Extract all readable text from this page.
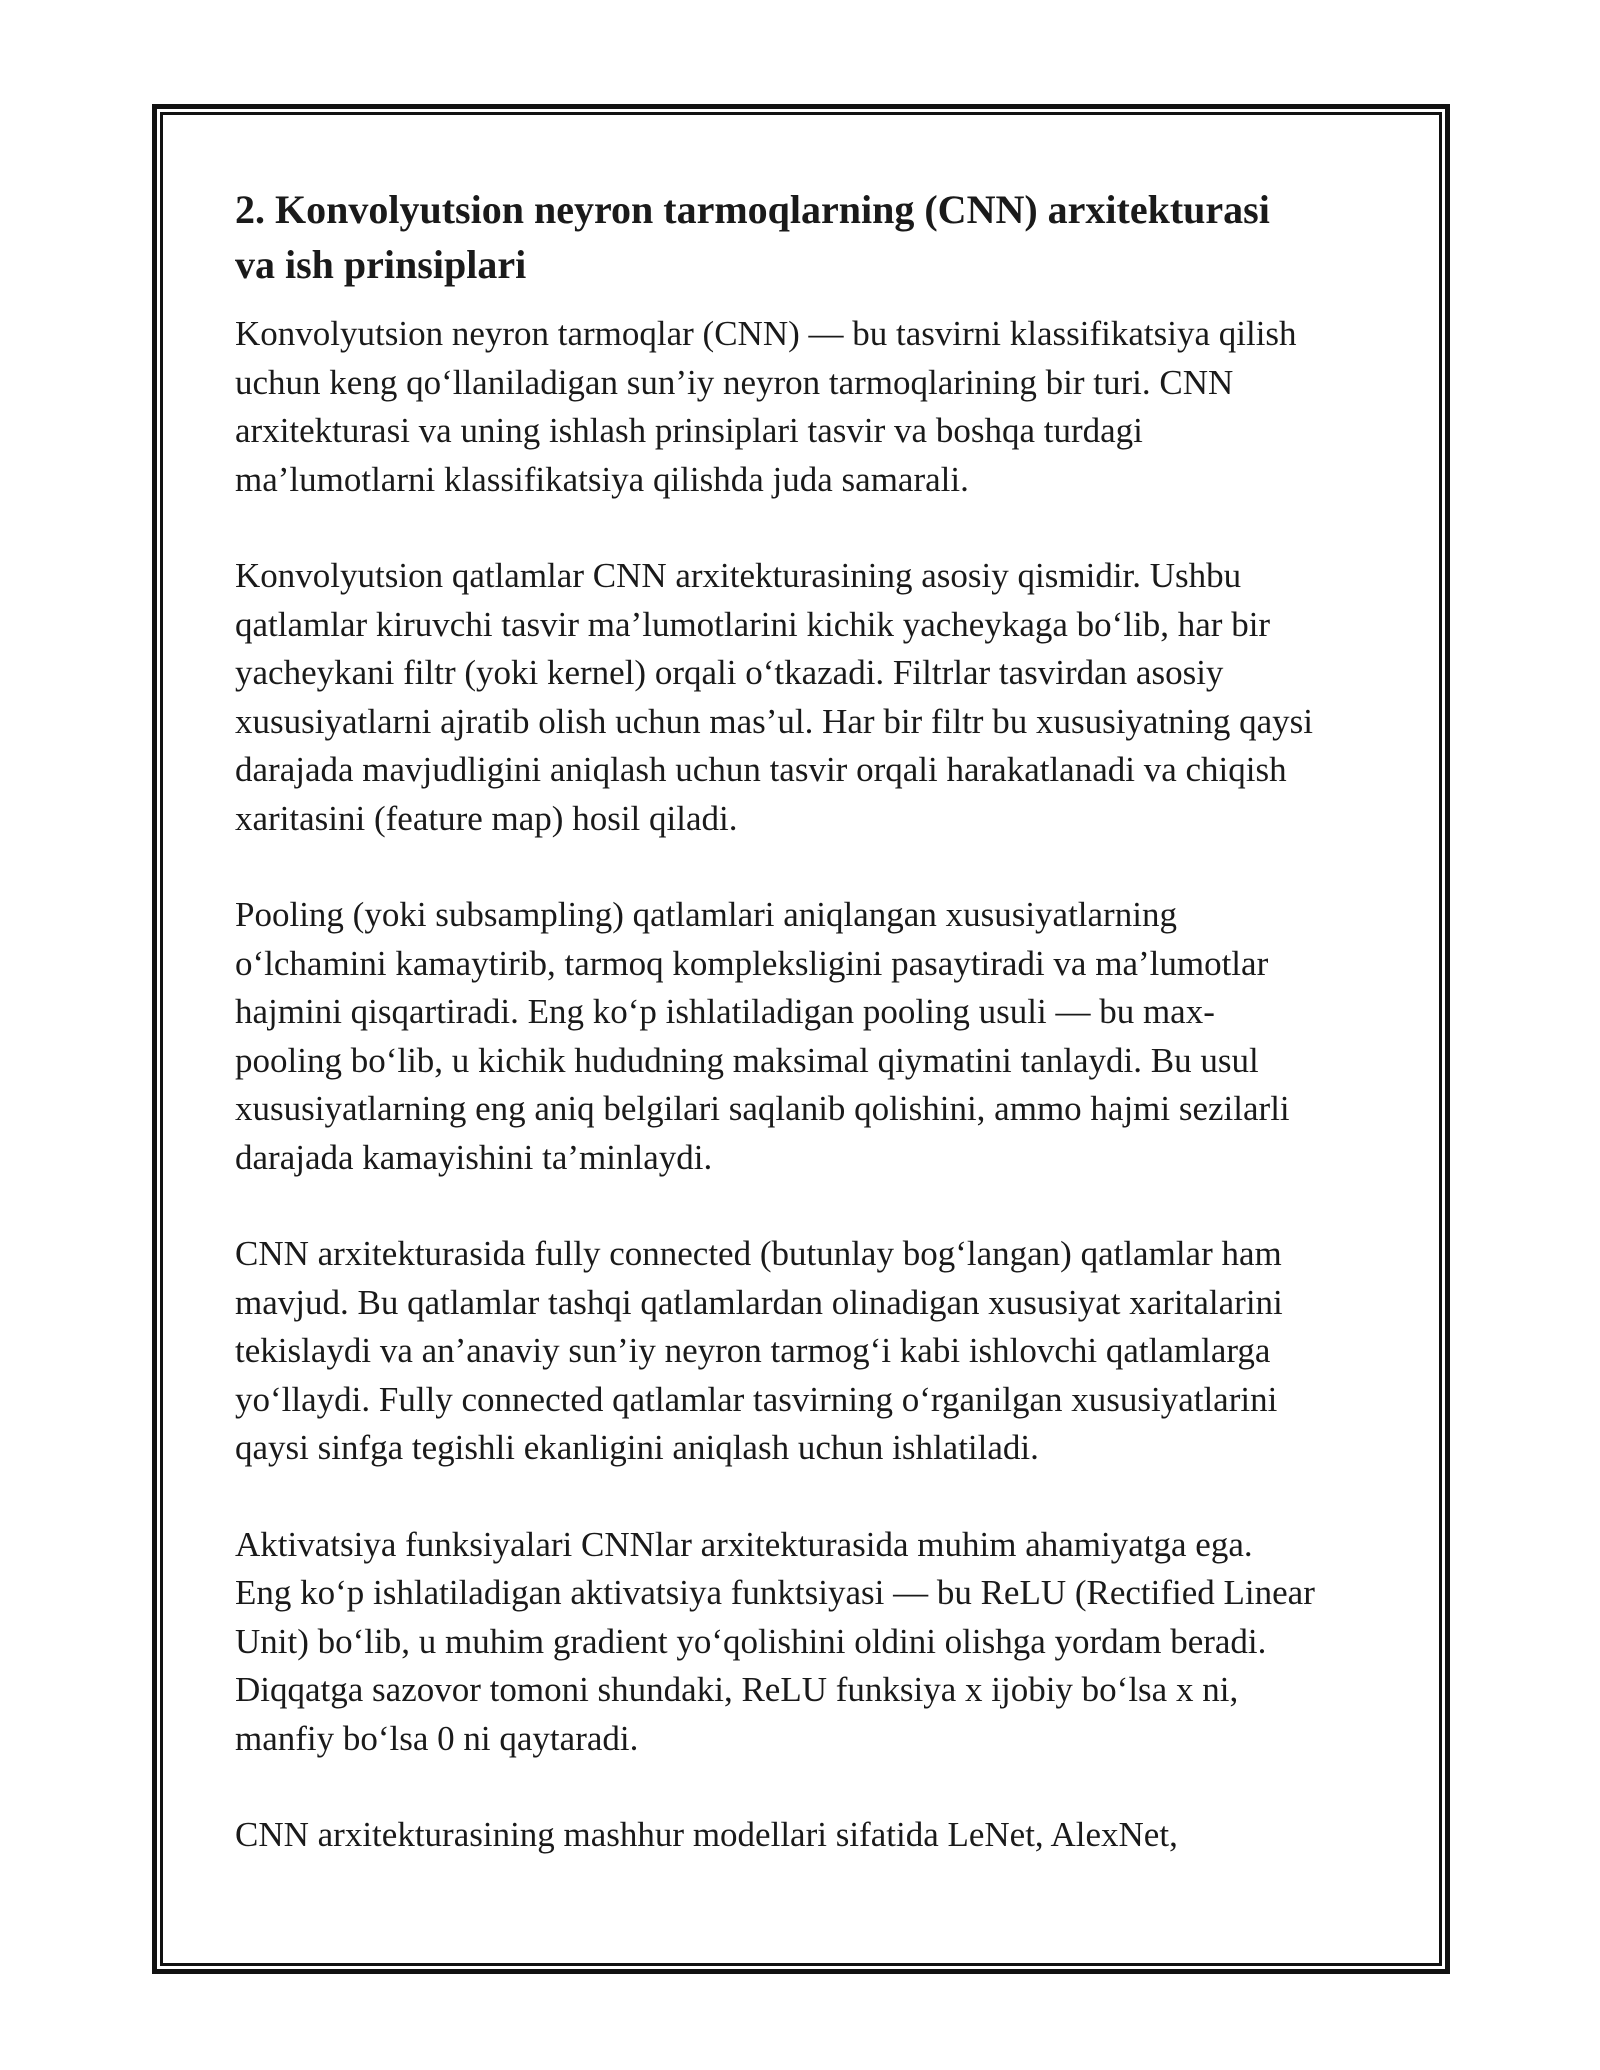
2. Konvolyutsion neyron tarmoqlarning (CNN) arxitekturasi
va ish prinsiplari

Konvolyutsion neyron tarmoqlar (CNN) — bu tasvirni klassifikatsiya qilish
uchun keng qo‘llaniladigan sun’iy neyron tarmoqlarining bir turi. CNN
arxitekturasi va uning ishlash prinsiplari tasvir va boshqa turdagi
ma’lumotlarni klassifikatsiya qilishda juda samarali.

Konvolyutsion qatlamlar CNN arxitekturasining asosiy qismidir. Ushbu
qatlamlar kiruvchi tasvir ma’lumotlarini kichik yacheykaga bo‘lib, har bir
yacheykani filtr (yoki kernel) orqali o‘tkazadi. Filtrlar tasvirdan asosiy
xususiyatlarni ajratib olish uchun mas’ul. Har bir filtr bu xususiyatning qaysi
darajada mavjudligini aniqlash uchun tasvir orqali harakatlanadi va chiqish
xaritasini (feature map) hosil qiladi.

Pooling (yoki subsampling) qatlamlari aniqlangan xususiyatlarning
o‘lchamini kamaytirib, tarmoq kompleksligini pasaytiradi va ma’lumotlar
hajmini qisqartiradi. Eng ko‘p ishlatiladigan pooling usuli — bu max-
pooling bo‘lib, u kichik hududning maksimal qiymatini tanlaydi. Bu usul
xususiyatlarning eng aniq belgilari saqlanib qolishini, ammo hajmi sezilarli
darajada kamayishini ta’minlaydi.

CNN arxitekturasida fully connected (butunlay bog‘langan) qatlamlar ham
mavjud. Bu qatlamlar tashqi qatlamlardan olinadigan xususiyat xaritalarini
tekislaydi va an’anaviy sun’iy neyron tarmog‘i kabi ishlovchi qatlamlarga
yo‘llaydi. Fully connected qatlamlar tasvirning o‘rganilgan xususiyatlarini
qaysi sinfga tegishli ekanligini aniqlash uchun ishlatiladi.

Aktivatsiya funksiyalari CNNlar arxitekturasida muhim ahamiyatga ega.
Eng ko‘p ishlatiladigan aktivatsiya funktsiyasi — bu ReLU (Rectified Linear
Unit) bo‘lib, u muhim gradient yo‘qolishini oldini olishga yordam beradi.
Diqqatga sazovor tomoni shundaki, ReLU funksiya x ijobiy bo‘lsa x ni,
manfiy bo‘lsa 0 ni qaytaradi.

CNN arxitekturasining mashhur modellari sifatida LeNet, AlexNet,
